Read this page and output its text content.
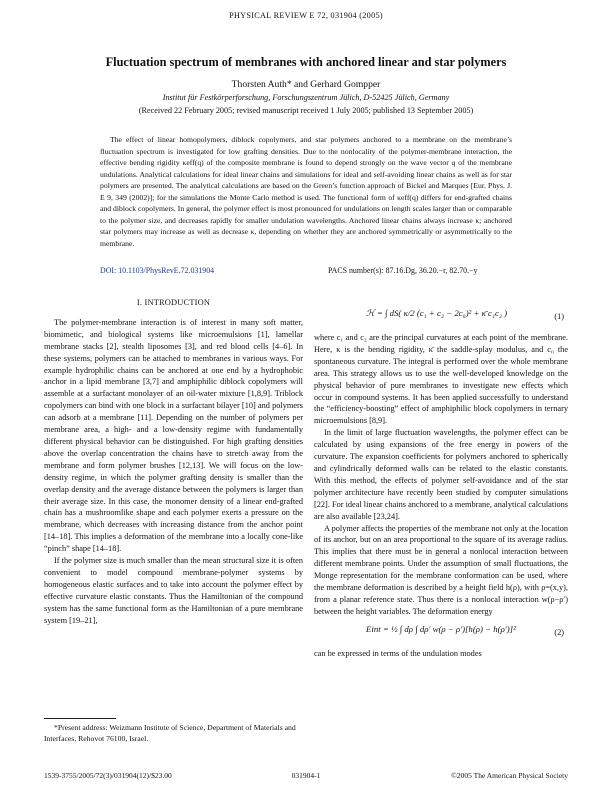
PHYSICAL REVIEW E 72, 031904 (2005)
Fluctuation spectrum of membranes with anchored linear and star polymers
Thorsten Auth* and Gerhard Gompper
Institut für Festkörperforschung, Forschungszentrum Jülich, D-52425 Jülich, Germany
(Received 22 February 2005; revised manuscript received 1 July 2005; published 13 September 2005)

The effect of linear homopolymers, diblock copolymers, and star polymers anchored to a membrane on the membrane’s fluctuation spectrum is investigated for low grafting densities. Due to the nonlocality of the polymer-membrane interaction, the effective bending rigidity κeff(q) of the composite membrane is found to depend strongly on the wave vector q of the membrane undulations. Analytical calculations for ideal linear chains and simulations for ideal and self-avoiding linear chains as well as for star polymers are presented. The analytical calculations are based on the Green’s function approach of Bickel and Marques [Eur. Phys. J. E 9, 349 (2002)]; for the simulations the Monte Carlo method is used. The functional form of κeff(q) differs for end-grafted chains and diblock copolymers. In general, the polymer effect is most pronounced for undulations on length scales larger than or comparable to the polymer size, and decreases rapidly for smaller undulation wavelengths. Anchored linear chains always increase κ; anchored star polymers may increase as well as decrease κ, depending on whether they are anchored symmetrically or asymmetrically to the membrane.

DOI: 10.1103/PhysRevE.72.031904	PACS number(s): 87.16.Dg, 36.20.−r, 82.70.−y
I. INTRODUCTION

The polymer-membrane interaction is of interest in many soft matter, biomimetic, and biological systems like microemulsions [1], lamellar membrane stacks [2], stealth liposomes [3], and red blood cells [4–6]. In these systems, polymers can be attached to membranes in various ways. For example hydrophilic chains can be anchored at one end by a hydrophobic anchor in a lipid membrane [3,7] and amphiphilic diblock copolymers will assemble at a surfactant monolayer of an oil-water mixture [1,8,9]. Triblock copolymers can bind with one block in a surfactant bilayer [10] and polymers can adsorb at a membrane [11]. Depending on the number of polymers per membrane area, a high- and a low-density regime with fundamentally different physical behavior can be distinguished. For high grafting densities above the overlap concentration the chains have to stretch away from the membrane and form polymer brushes [12,13]. We will focus on the low-density regime, in which the polymer grafting density is smaller than the overlap density and the average distance between the polymers is larger than their average size. In this case, the monomer density of a linear end-grafted chain has a mushroomlike shape and each polymer exerts a pressure on the membrane, which decreases with increasing distance from the anchor point [14–18]. This implies a deformation of the membrane into a locally cone-like “pinch” shape [14–18].

If the polymer size is much smaller than the mean structural size it is often convenient to model compound membrane-polymer systems by homogeneous elastic surfaces and to take into account the polymer effect by effective curvature elastic constants. Thus the Hamiltonian of the compound system has the same functional form as the Hamiltonian of a pure membrane system [19–21],

ℋ = ∫ dS( κ/2 (c₁ + c₂ − 2c₀)² + κ̄ c₁c₂ )	(1)

where c₁ and c₂ are the principal curvatures at each point of the membrane. Here, κ is the bending rigidity, κ̄ the saddle-splay modulus, and c₀ the spontaneous curvature. The integral is performed over the whole membrane area. This strategy allows us to use the well-developed knowledge on the physical behavior of pure membranes to investigate new effects which occur in compound systems. It has been applied successfully to understand the “efficiency-boosting” effect of amphiphilic block copolymers in ternary microemulsions [8,9].

In the limit of large fluctuation wavelengths, the polymer effect can be calculated by using expansions of the free energy in powers of the curvature. The expansion coefficients for polymers anchored to spherically and cylindrically deformed walls can be related to the elastic constants. With this method, the effects of polymer self-avoidance and of the star polymer architecture have recently been studied by computer simulations [22]. For ideal linear chains anchored to a membrane, analytical calculations are also available [23,24].

A polymer affects the properties of the membrane not only at the location of its anchor, but on an area proportional to the square of its average radius. This implies that there must be in general a nonlocal interaction between different membrane points. Under the assumption of small fluctuations, the Monge representation for the membrane conformation can be used, where the membrane deformation is described by a height field h(ρ), with ρ=(x,y), from a planar reference state. Thus there is a nonlocal interaction w(ρ−ρ′) between the height variables. The deformation energy

Eint = ½ ∫ dρ ∫ dρ′ w(ρ − ρ′)[h(ρ) − h(ρ′)]²	(2)

can be expressed in terms of the undulation modes

*Present address: Weizmann Institute of Science, Department of Materials and Interfaces, Rehovot 76100, Israel.

1539-3755/2005/72(3)/031904(12)/$23.00	031904-1	©2005 The American Physical Society
